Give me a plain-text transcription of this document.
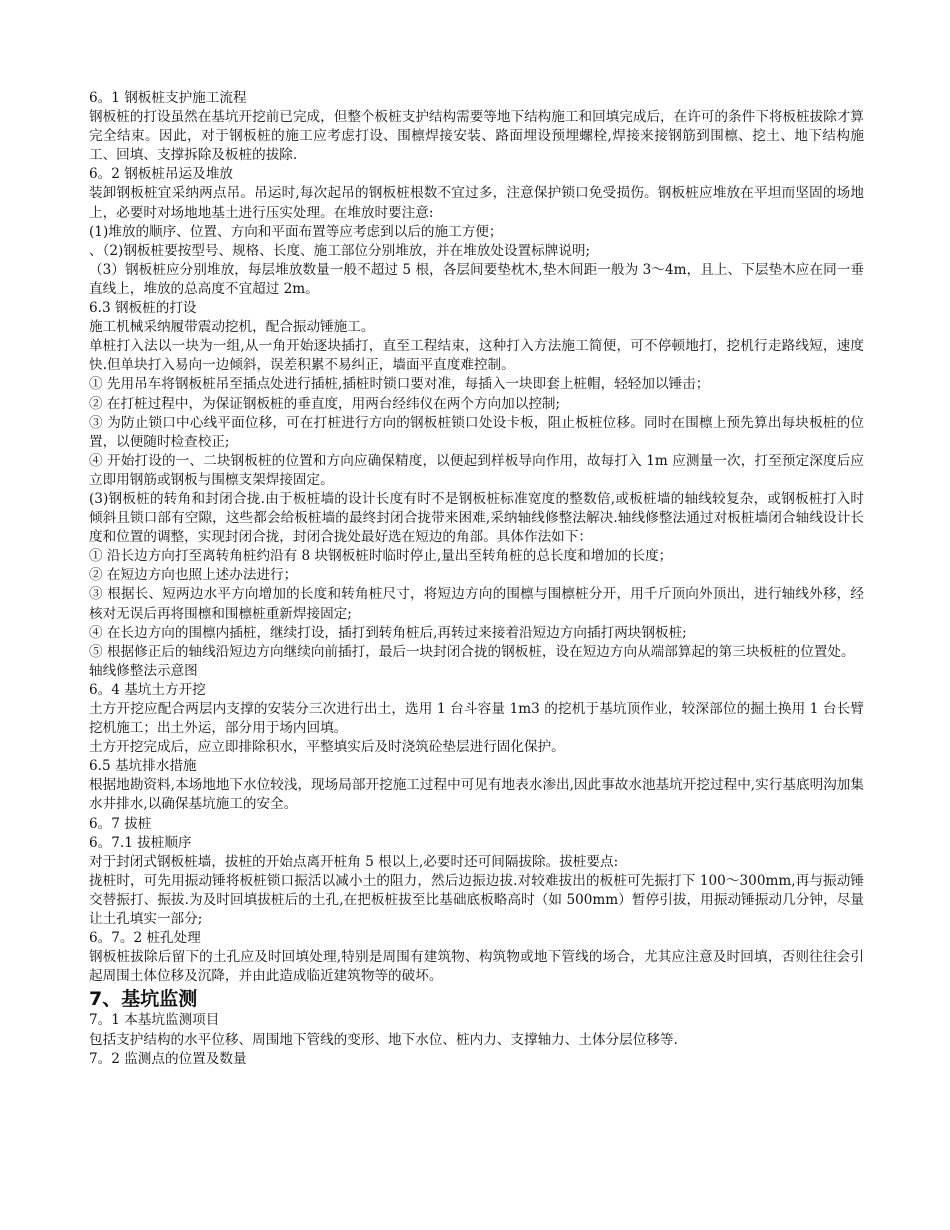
6。1 钢板桩支护施工流程

钢板桩的打设虽然在基坑开挖前已完成，但整个板桩支护结构需要等地下结构施工和回填完成后，在许可的条件下将板桩拔除才算完全结束。因此，对于钢板桩的施工应考虑打设、围檩焊接安装、路面埋设预埋螺栓,焊接来接钢筋到围檩、挖土、地下结构施工、回填、支撑拆除及板桩的拔除.

6。2 钢板桩吊运及堆放

装卸钢板桩宜采纳两点吊。吊运时,每次起吊的钢板桩根数不宜过多，注意保护锁口免受损伤。钢板桩应堆放在平坦而坚固的场地上，必要时对场地地基土进行压实处理。在堆放时要注意:

(1)堆放的顺序、位置、方向和平面布置等应考虑到以后的施工方便；

、（2)钢板桩要按型号、规格、长度、施工部位分别堆放，并在堆放处设置标牌说明;

（3）钢板桩应分别堆放，每层堆放数量一般不超过 5 根，各层间要垫枕木,垫木间距一般为 3～4m，且上、下层垫木应在同一垂直线上，堆放的总高度不宜超过 2m。

6.3 钢板桩的打设

施工机械采纳履带震动挖机，配合振动锤施工。

单桩打入法以一块为一组,从一角开始逐块插打，直至工程结束，这种打入方法施工简便，可不停顿地打，挖机行走路线短，速度快.但单块打入易向一边倾斜，误差积累不易纠正，墙面平直度难控制。

① 先用吊车将钢板桩吊至插点处进行插桩,插桩时锁口要对准，每插入一块即套上桩帽，轻轻加以锤击；

② 在打桩过程中，为保证钢板桩的垂直度，用两台经纬仪在两个方向加以控制;

③ 为防止锁口中心线平面位移，可在打桩进行方向的钢板桩锁口处设卡板，阻止板桩位移。同时在围檩上预先算出每块板桩的位置，以便随时检查校正;

④ 开始打设的一、二块钢板桩的位置和方向应确保精度，以便起到样板导向作用，故每打入 1m 应测量一次，打至预定深度后应立即用钢筋或钢板与围檩支架焊接固定。

(3)钢板桩的转角和封闭合拢.由于板桩墙的设计长度有时不是钢板桩标准宽度的整数倍,或板桩墙的轴线较复杂，或钢板桩打入时倾斜且锁口部有空隙，这些都会给板桩墙的最终封闭合拢带来困难,采纳轴线修整法解决.轴线修整法通过对板桩墙闭合轴线设计长度和位置的调整，实现封闭合拢，封闭合拢处最好选在短边的角部。具体作法如下：

① 沿长边方向打至离转角桩约沿有 8 块钢板桩时临时停止,量出至转角桩的总长度和增加的长度；

② 在短边方向也照上述办法进行；

③ 根据长、短两边水平方向增加的长度和转角桩尺寸，将短边方向的围檩与围檩桩分开，用千斤顶向外顶出，进行轴线外移，经核对无误后再将围檩和围檩桩重新焊接固定;

④ 在长边方向的围檩内插桩，继续打设，插打到转角桩后,再转过来接着沿短边方向插打两块钢板桩;

⑤ 根据修正后的轴线沿短边方向继续向前插打，最后一块封闭合拢的钢板桩，设在短边方向从端部算起的第三块板桩的位置处。

轴线修整法示意图

6。4 基坑土方开挖

土方开挖应配合两层内支撑的安装分三次进行出土，选用 1 台斗容量 1m3 的挖机于基坑顶作业，较深部位的掘土换用 1 台长臂挖机施工；出土外运，部分用于场内回填。

土方开挖完成后，应立即排除积水，平整填实后及时浇筑砼垫层进行固化保护。

6.5 基坑排水措施

根据地勘资料,本场地地下水位较浅，现场局部开挖施工过程中可见有地表水渗出,因此事故水池基坑开挖过程中,实行基底明沟加集水井排水,以确保基坑施工的安全。

6。7 拔桩

6。7.1 拔桩顺序

对于封闭式钢板桩墙，拔桩的开始点离开桩角 5 根以上,必要时还可间隔拔除。拔桩要点:

拢桩时，可先用振动锤将板桩锁口振活以减小土的阻力，然后边振边拔.对较难拔出的板桩可先振打下 100～300mm,再与振动锤交替振打、振拔.为及时回填拔桩后的土孔,在把板桩拔至比基础底板略高时（如 500mm）暂停引拔，用振动锤振动几分钟，尽量让土孔填实一部分;

6。7。2 桩孔处理

钢板桩拔除后留下的土孔应及时回填处理,特别是周围有建筑物、构筑物或地下管线的场合，尤其应注意及时回填，否则往往会引起周围土体位移及沉降，并由此造成临近建筑物等的破坏。

7、基坑监测

7。1 本基坑监测项目

包括支护结构的水平位移、周围地下管线的变形、地下水位、桩内力、支撑轴力、土体分层位移等.

7。2 监测点的位置及数量
